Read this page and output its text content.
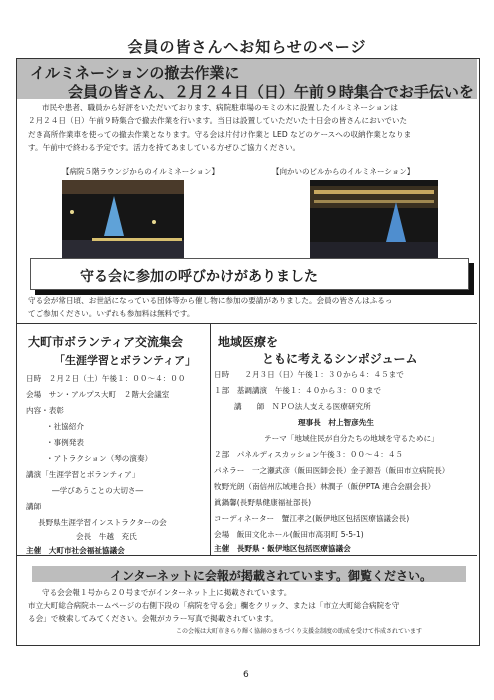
会員の皆さんへお知らせのページ
イルミネーションの撤去作業に
会員の皆さん、２月２４日（日）午前９時集合でお手伝いを
市民や患者、職員から好評をいただいております、病院駐車場のモミの木に設置したイルミネーションは
２月２４日（日）午前９時集合で撤去作業を行います。当日は設置していただいた十日会の皆さんにおいでいた
だき高所作業車を使っての撤去作業となります。守る会は片付け作業と LED などのケースへの収納作業となりま
す。午前中で終わる予定です。活力を持てあましている方ぜひご協力ください。
【病院５階ラウンジからのイルミネーション】	【向かいのビルからのイルミネーション】
守る会に参加の呼びかけがありました
守る会が常日頃、お世話になっている団体等から催し物に参加の要請がありました。会員の皆さんはふるっ
てご参加ください。いずれも参加料は無料です。
大町市ボランティア交流集会
「生涯学習とボランティア」
日時　２月２日（土）午後１：００～４：００
会場　サン・アルプス大町　２階大会議室
内容・表彰
・社協紹介
・事例発表
・アトラクション（琴の演奏）
講演「生涯学習とボランティア」
―学びあうことの大切さ―
講師
長野県生涯学習インストラクターの会
会長　牛越　充氏
主催　大町市社会福祉協議会
地域医療を
ともに考えるシンポジューム
日時　　２月３日（日）午後１：３０から４：４５まで
１部　基調講演　午後１：４０から３：００まで
講　　師　ＮＰＯ法人支える医療研究所
理事長　村上智彦先生
テーマ「地域住民が自分たちの地域を守るために」
２部　パネルディスカッション午後３：００～４：４５
パネラー　一之瀬武彦（飯田医師会長）金子源吾（飯田市立病院長）
牧野光朗（南信州広域連合長）林潤子（飯伊PTA 連合会副会長）
眞鍋馨(長野県健康福祉部長)
コーディネーター　蟹江孝之(飯伊地区包括医療協議会長)
会場　飯田文化ホール(飯田市高羽町 5-5-1)
主催　長野県・飯伊地区包括医療協議会
インターネットに会報が掲載されています。御覧ください。
守る会会報１号から２０号までがインターネット上に掲載されています。
市立大町総合病院ホームページの右側下段の「病院を守る会」欄をクリック、または「市立大町総合病院を守
る会」で検索してみてください。会報がカラー写真で掲載されています。
この会報は大町市きらり輝く協創のまちづくり支援金制度の助成を受けて作成されています
6
